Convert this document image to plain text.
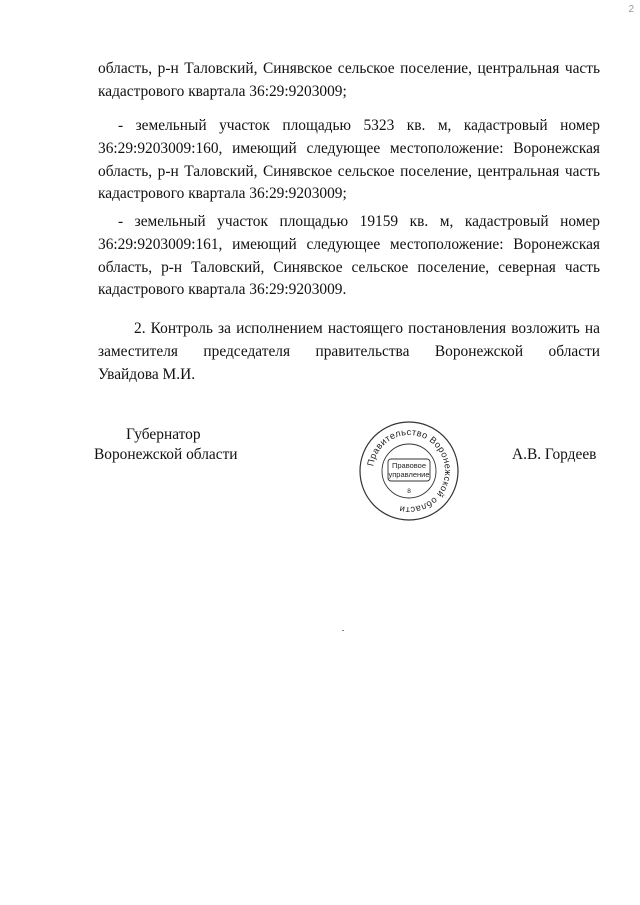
2
область, р-н Таловский, Синявское сельское поселение, центральная часть
кадастрового квартала 36:29:9203009;
- земельный участок площадью 5323 кв. м, кадастровый номер
36:29:9203009:160, имеющий следующее местоположение: Воронежская
область, р-н Таловский, Синявское сельское поселение, центральная часть
кадастрового квартала 36:29:9203009;
- земельный участок площадью 19159 кв. м, кадастровый номер
36:29:9203009:161, имеющий следующее местоположение: Воронежская
область, р-н Таловский, Синявское сельское поселение, северная часть
кадастрового квартала 36:29:9203009.
2. Контроль за исполнением настоящего постановления возложить на
заместителя председателя правительства Воронежской области
Увайдова М.И.
Губернатор
Воронежской области	Правительство Воронежской области
Правовое
управление
8
А.В. Гордеев
